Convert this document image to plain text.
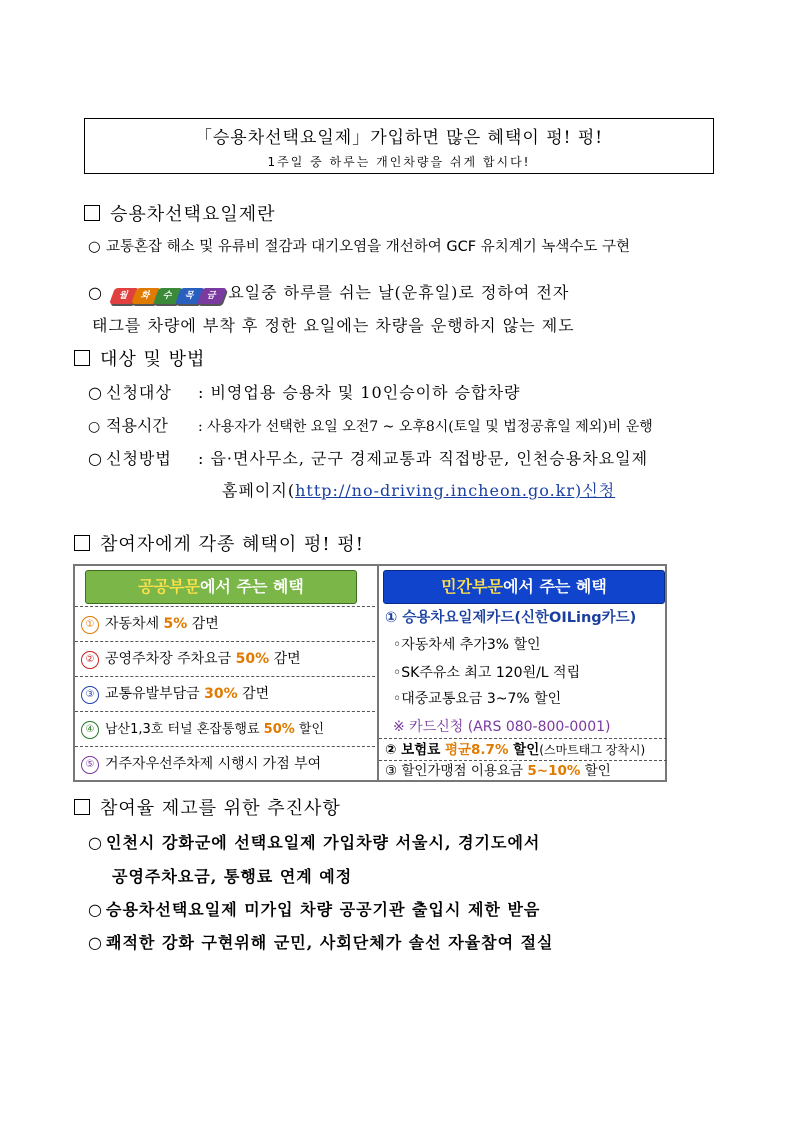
「승용차선택요일제」가입하면 많은 혜택이 펑! 펑!
1주일 중 하루는 개인차량을 쉬게 합시다!
승용차선택요일제란
○ 교통혼잡 해소 및 유류비 절감과 대기오염을 개선하여 GCF 유치계기 녹색수도 구현
○ 월 화 수 목 금 요일중 하루를 쉬는 날(운휴일)로 정하여 전자
태그를 차량에 부착 후 정한 요일에는 차량을 운행하지 않는 제도
대상 및 방법
○ 신청대상 : 비영업용 승용차 및 10인승이하 승합차량
○ 적용시간 : 사용자가 선택한 요일 오전7 ~ 오후8시(토일 및 법정공휴일 제외)비 운행
○ 신청방법 : 읍·면사무소, 군구 경제교통과 직접방문, 인천승용차요일제
홈페이지(http://no-driving.incheon.go.kr)신청
참여자에게 각종 혜택이 펑! 펑!
공공부문에서 주는 혜택
① 자동차세 5% 감면
② 공영주차장 주차요금 50% 감면
③ 교통유발부담금 30% 감면
④ 남산1,3호 터널 혼잡통행료 50% 할인
⑤ 거주자우선주차제 시행시 가점 부여
민간부문에서 주는 혜택
① 승용차요일제카드(신한OILing카드)
◦자동차세 추가3% 할인
◦SK주유소 최고 120원/L 적립
◦대중교통요금 3~7% 할인
※ 카드신청 (ARS 080-800-0001)
② 보험료 평균8.7% 할인(스마트태그 장착시)
③ 할인가맹점 이용요금 5~10% 할인
참여율 제고를 위한 추진사항
○ 인천시 강화군에 선택요일제 가입차량 서울시, 경기도에서
공영주차요금, 통행료 연계 예정
○ 승용차선택요일제 미가입 차량 공공기관 출입시 제한 받음
○ 쾌적한 강화 구현위해 군민, 사회단체가 솔선 자율참여 절실
